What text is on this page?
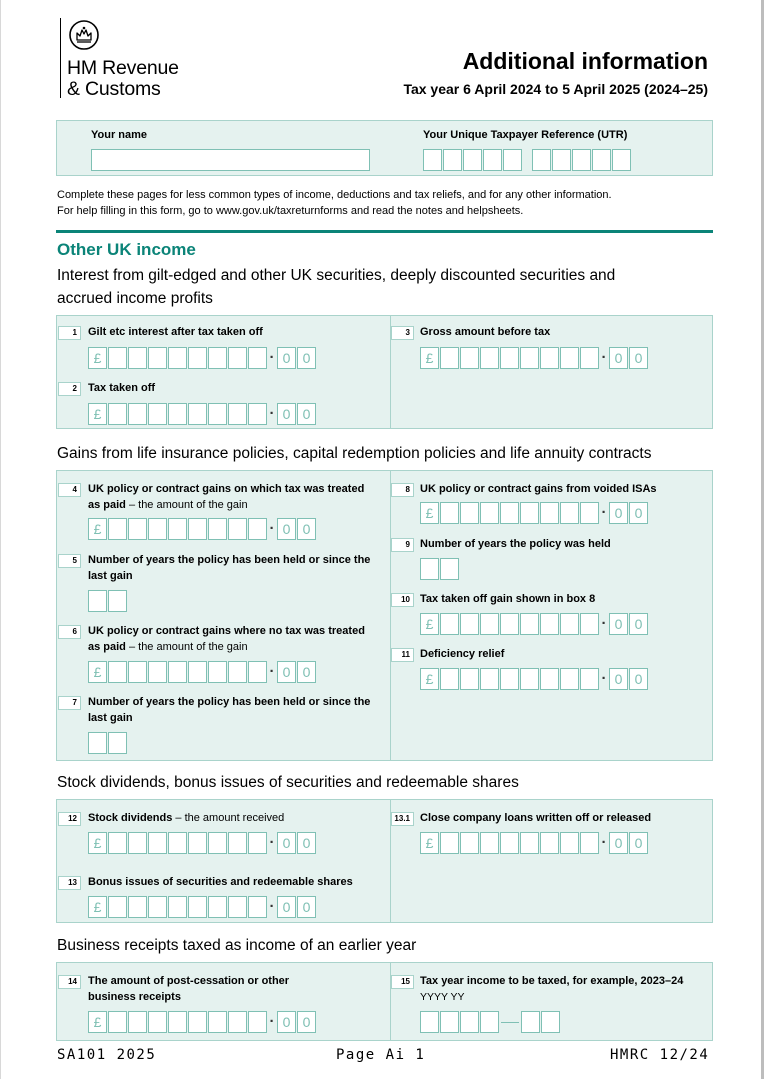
HM Revenue
& Customs
Additional information
Tax year 6 April 2024 to 5 April 2025 (2024–25)
Your name	Your Unique Taxpayer Reference (UTR)
Complete these pages for less common types of income, deductions and tax reliefs, and for any other information.
For help filling in this form, go to www.gov.uk/taxreturnforms and read the notes and helpsheets.
Other UK income
Interest from gilt-edged and other UK securities, deeply discounted securities and accrued income profits
1	Gilt etc interest after tax taken off
£	· 0 0
2	Tax taken off
£	· 0 0
3 Gross amount before tax
£	· 0 0
Gains from life insurance policies, capital redemption policies and life annuity contracts
4	UK policy or contract gains on which tax was treated as paid – the amount of the gain
£	· 0 0
5	Number of years the policy has been held or since the last gain
6	UK policy or contract gains where no tax was treated as paid – the amount of the gain
£	· 0 0
7	Number of years the policy has been held or since the last gain
8 UK policy or contract gains from voided ISAs
£	· 0 0
9 Number of years the policy was held
10 Tax taken off gain shown in box 8
£	· 0 0
11 Deficiency relief
£	· 0 0
Stock dividends, bonus issues of securities and redeemable shares
12	Stock dividends – the amount received
£	· 0 0
13	Bonus issues of securities and redeemable shares
£	· 0 0
13.1 Close company loans written off or released
£	· 0 0
Business receipts taxed as income of an earlier year
14	The amount of post-cessation or other business receipts
£	· 0 0
15 Tax year income to be taxed, for example, 2023–24
YYYY YY
SA101 2025	Page Ai 1	HMRC 12/24
